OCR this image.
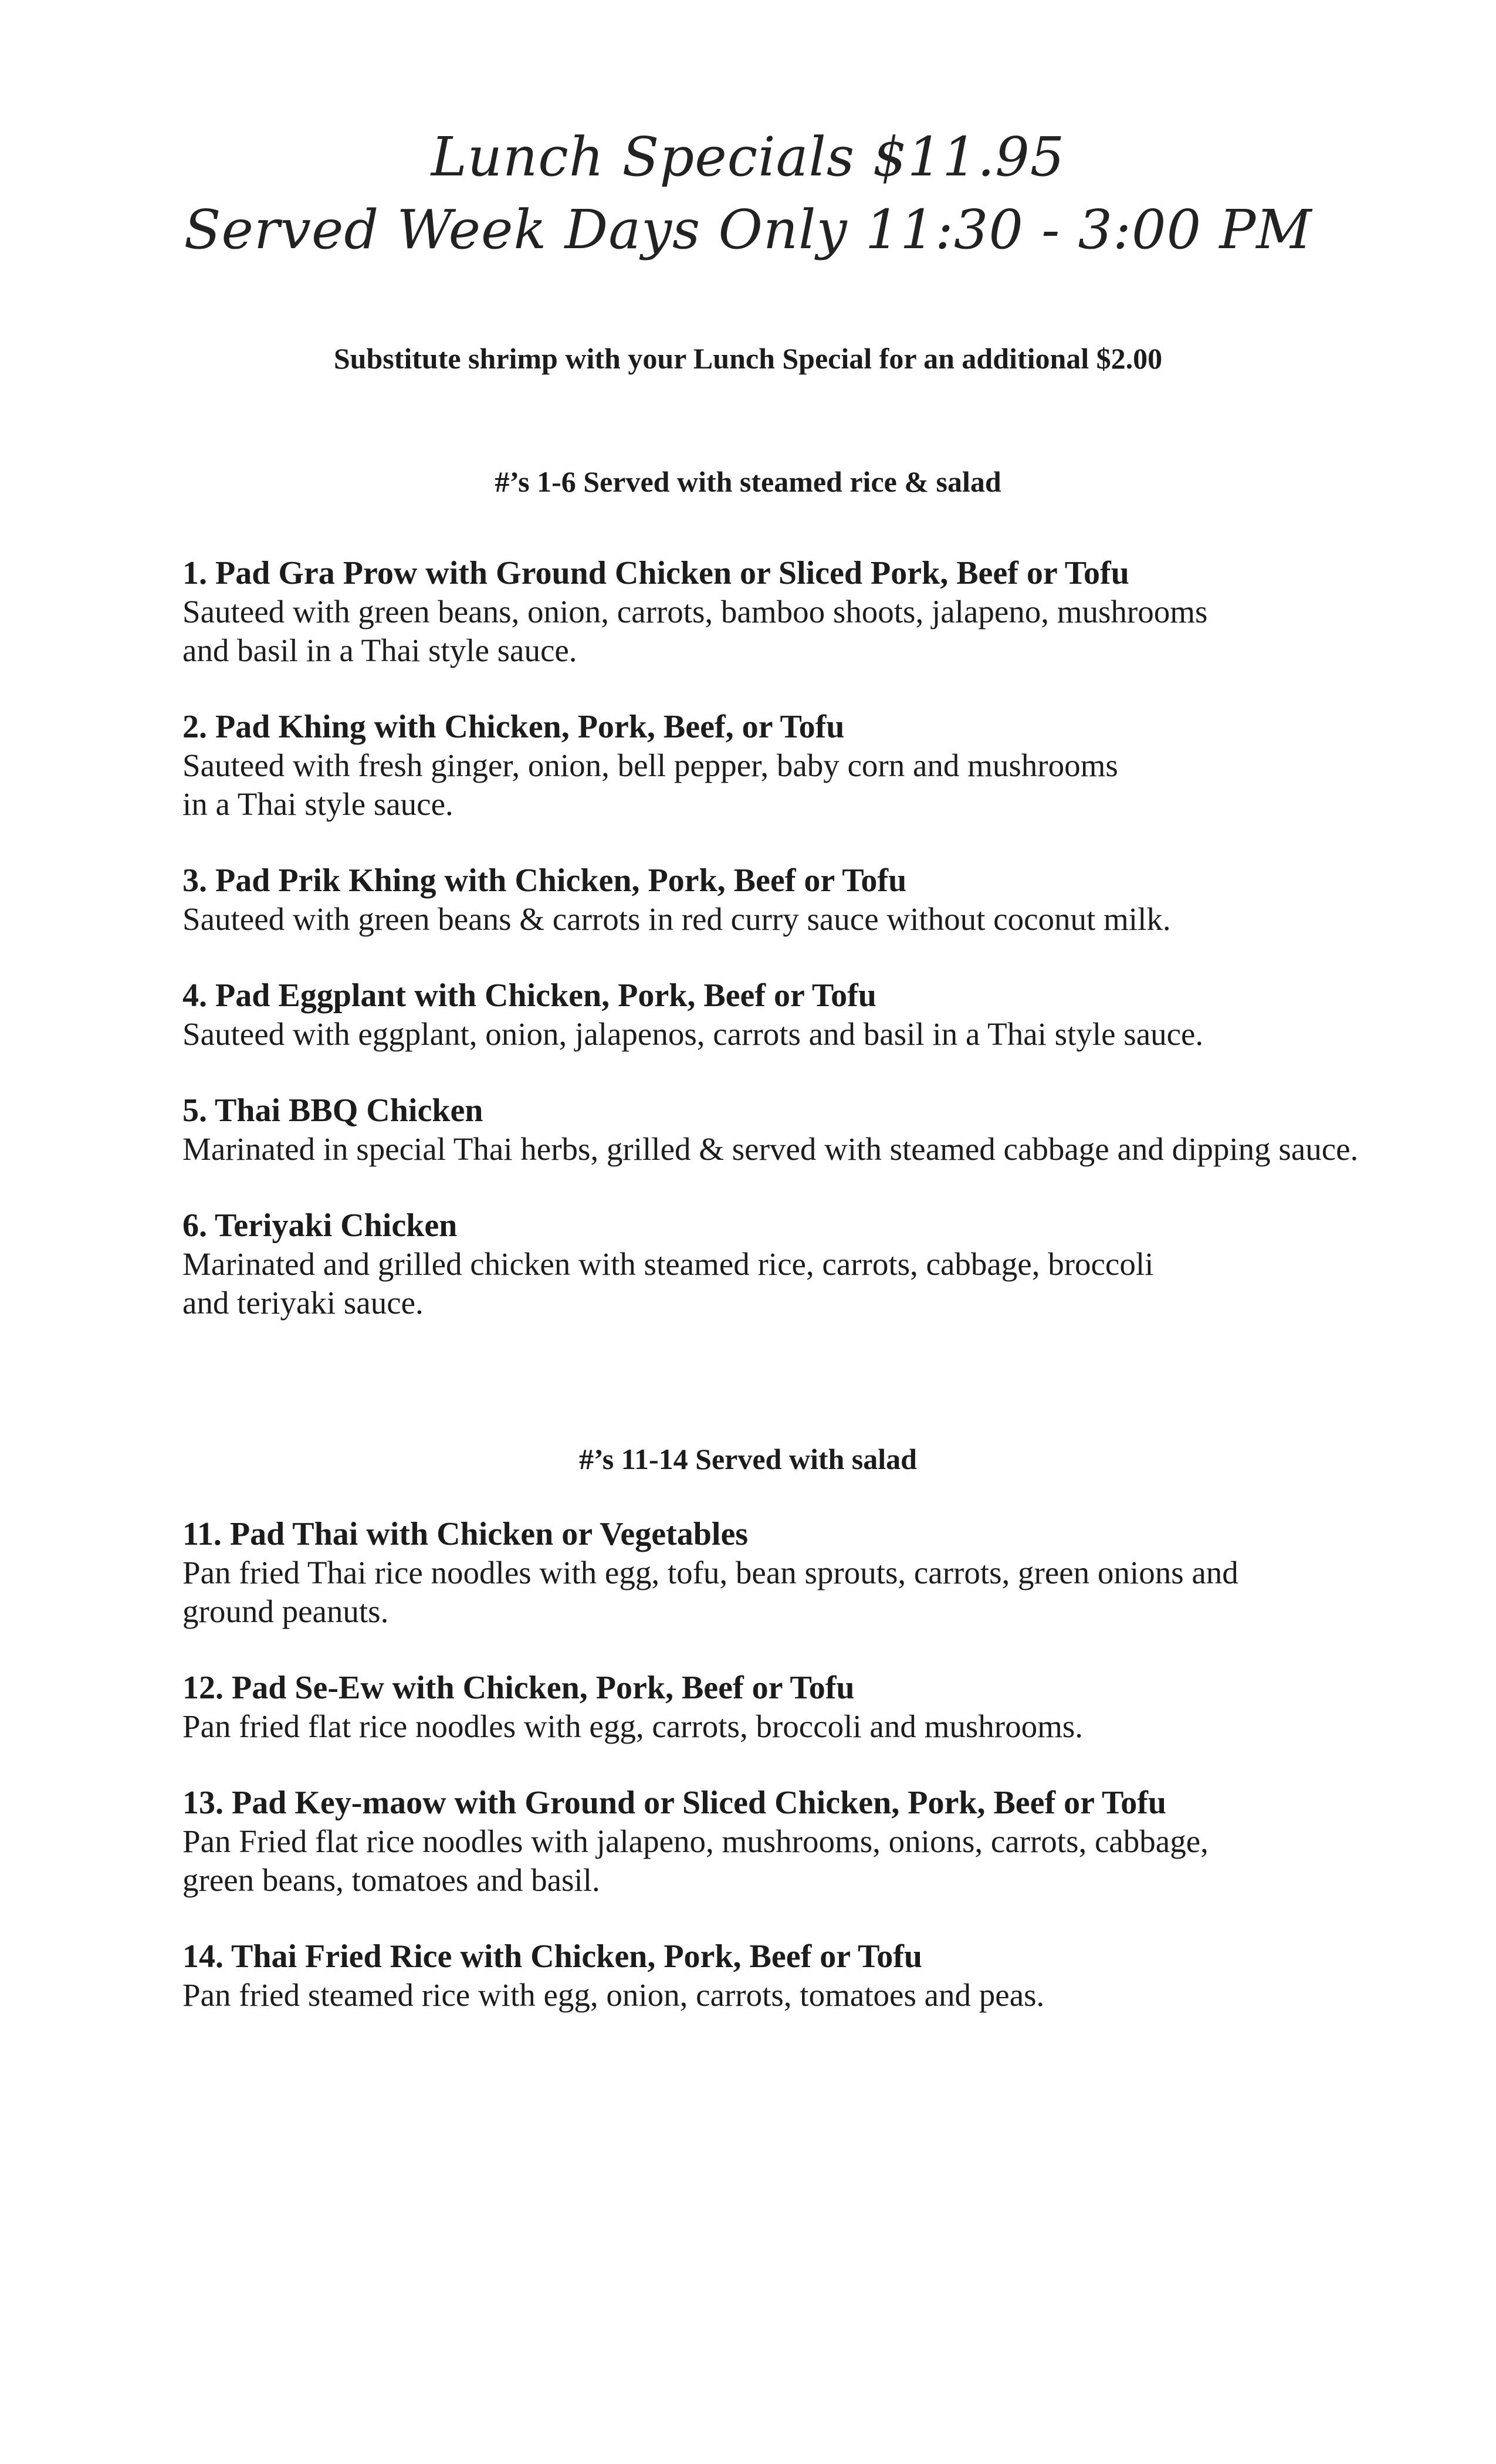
Lunch Specials $11.95
Served Week Days Only 11:30 - 3:00 PM
Substitute shrimp with your Lunch Special for an additional $2.00
#’s 1-6 Served with steamed rice & salad
1. Pad Gra Prow with Ground Chicken or Sliced Pork, Beef or Tofu
Sauteed with green beans, onion, carrots, bamboo shoots, jalapeno, mushrooms
and basil in a Thai style sauce.
2. Pad Khing with Chicken, Pork, Beef, or Tofu
Sauteed with fresh ginger, onion, bell pepper, baby corn and mushrooms
in a Thai style sauce.
3. Pad Prik Khing with Chicken, Pork, Beef or Tofu
Sauteed with green beans & carrots in red curry sauce without coconut milk.
4. Pad Eggplant with Chicken, Pork, Beef or Tofu
Sauteed with eggplant, onion, jalapenos, carrots and basil in a Thai style sauce.
5. Thai BBQ Chicken
Marinated in special Thai herbs, grilled & served with steamed cabbage and dipping sauce.
6. Teriyaki Chicken
Marinated and grilled chicken with steamed rice, carrots, cabbage, broccoli
and teriyaki sauce.
#’s 11-14 Served with salad
11. Pad Thai with Chicken or Vegetables
Pan fried Thai rice noodles with egg, tofu, bean sprouts, carrots, green onions and
ground peanuts.
12. Pad Se-Ew with Chicken, Pork, Beef or Tofu
Pan fried flat rice noodles with egg, carrots, broccoli and mushrooms.
13. Pad Key-maow with Ground or Sliced Chicken, Pork, Beef or Tofu
Pan Fried flat rice noodles with jalapeno, mushrooms, onions, carrots, cabbage,
green beans, tomatoes and basil.
14. Thai Fried Rice with Chicken, Pork, Beef or Tofu
Pan fried steamed rice with egg, onion, carrots, tomatoes and peas.
